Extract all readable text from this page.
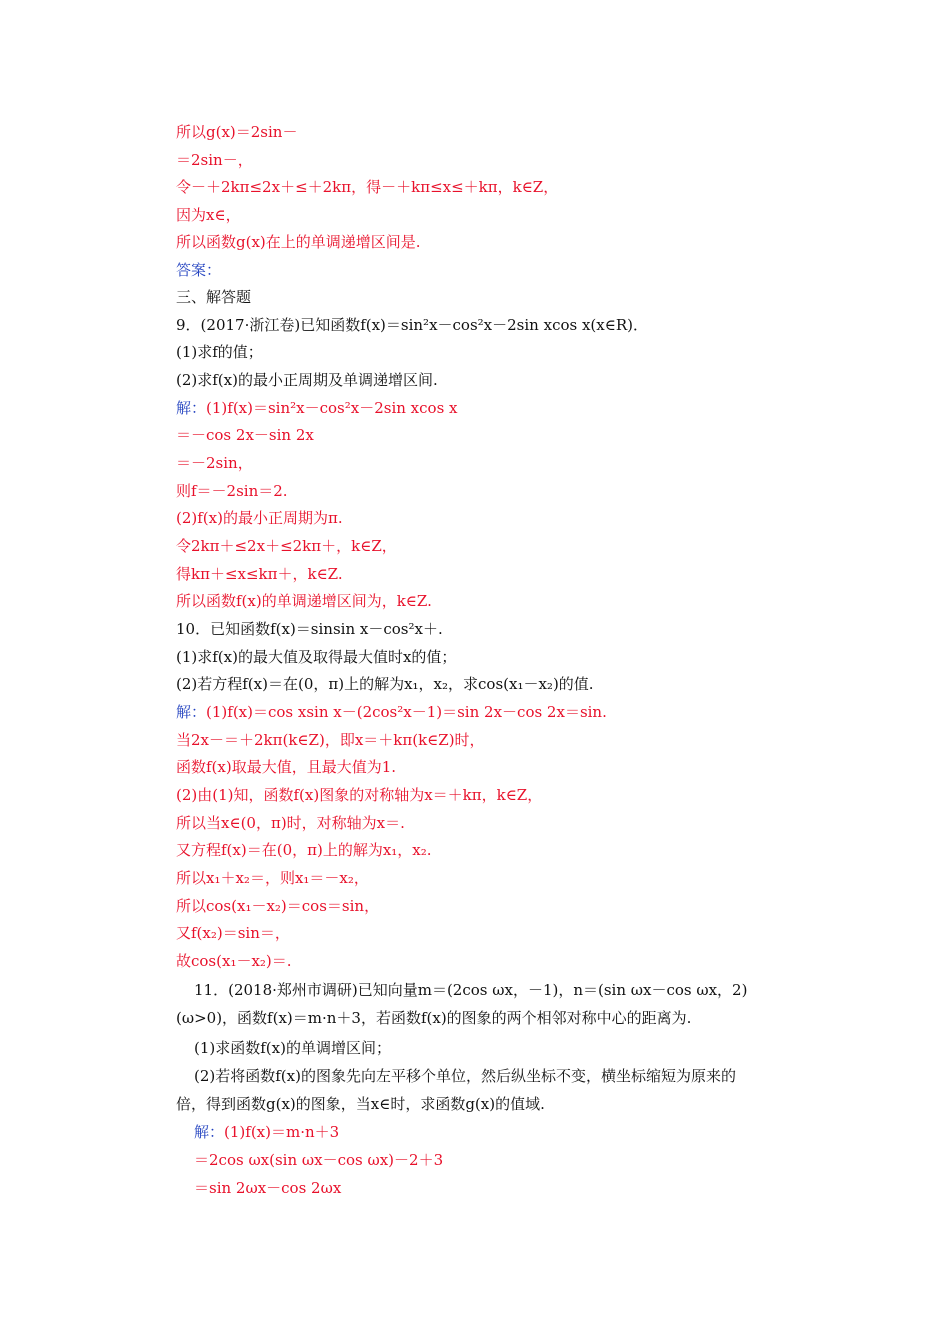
所以g(x)＝2sin－
＝2sin－，
令－＋2kπ≤2x＋≤＋2kπ，得－＋kπ≤x≤＋kπ，k∈Z，
因为x∈，
所以函数g(x)在上的单调递增区间是.
答案：
三、解答题
9．(2017·浙江卷)已知函数f(x)＝sin²x－cos²x－2sin xcos x(x∈R)．
(1)求f的值；
(2)求f(x)的最小正周期及单调递增区间.
解：(1)f(x)＝sin²x－cos²x－2sin xcos x
＝－cos 2x－sin 2x
＝－2sin，
则f＝－2sin＝2.
(2)f(x)的最小正周期为π.
令2kπ＋≤2x＋≤2kπ＋，k∈Z，
得kπ＋≤x≤kπ＋，k∈Z.
所以函数f(x)的单调递增区间为，k∈Z.
10．已知函数f(x)＝sinsin x－cos²x＋.
(1)求f(x)的最大值及取得最大值时x的值；
(2)若方程f(x)＝在(0，π)上的解为x₁，x₂，求cos(x₁－x₂)的值.
解：(1)f(x)＝cos xsin x－(2cos²x－1)＝sin 2x－cos 2x＝sin.
当2x－＝＋2kπ(k∈Z)，即x＝＋kπ(k∈Z)时，
函数f(x)取最大值，且最大值为1.
(2)由(1)知，函数f(x)图象的对称轴为x＝＋kπ，k∈Z，
所以当x∈(0，π)时，对称轴为x＝.
又方程f(x)＝在(0，π)上的解为x₁，x₂.
所以x₁＋x₂＝，则x₁＝－x₂，
所以cos(x₁－x₂)＝cos＝sin，
又f(x₂)＝sin＝，
故cos(x₁－x₂)＝.
11．(2018·郑州市调研)已知向量m＝(2cos ωx，－1)，n＝(sin ωx－cos ωx，2)
(ω>0)，函数f(x)＝m·n＋3，若函数f(x)的图象的两个相邻对称中心的距离为.
(1)求函数f(x)的单调增区间；
(2)若将函数f(x)的图象先向左平移个单位，然后纵坐标不变，横坐标缩短为原来的
倍，得到函数g(x)的图象，当x∈时，求函数g(x)的值域.
解：(1)f(x)＝m·n＋3
＝2cos ωx(sin ωx－cos ωx)－2＋3
＝sin 2ωx－cos 2ωx
